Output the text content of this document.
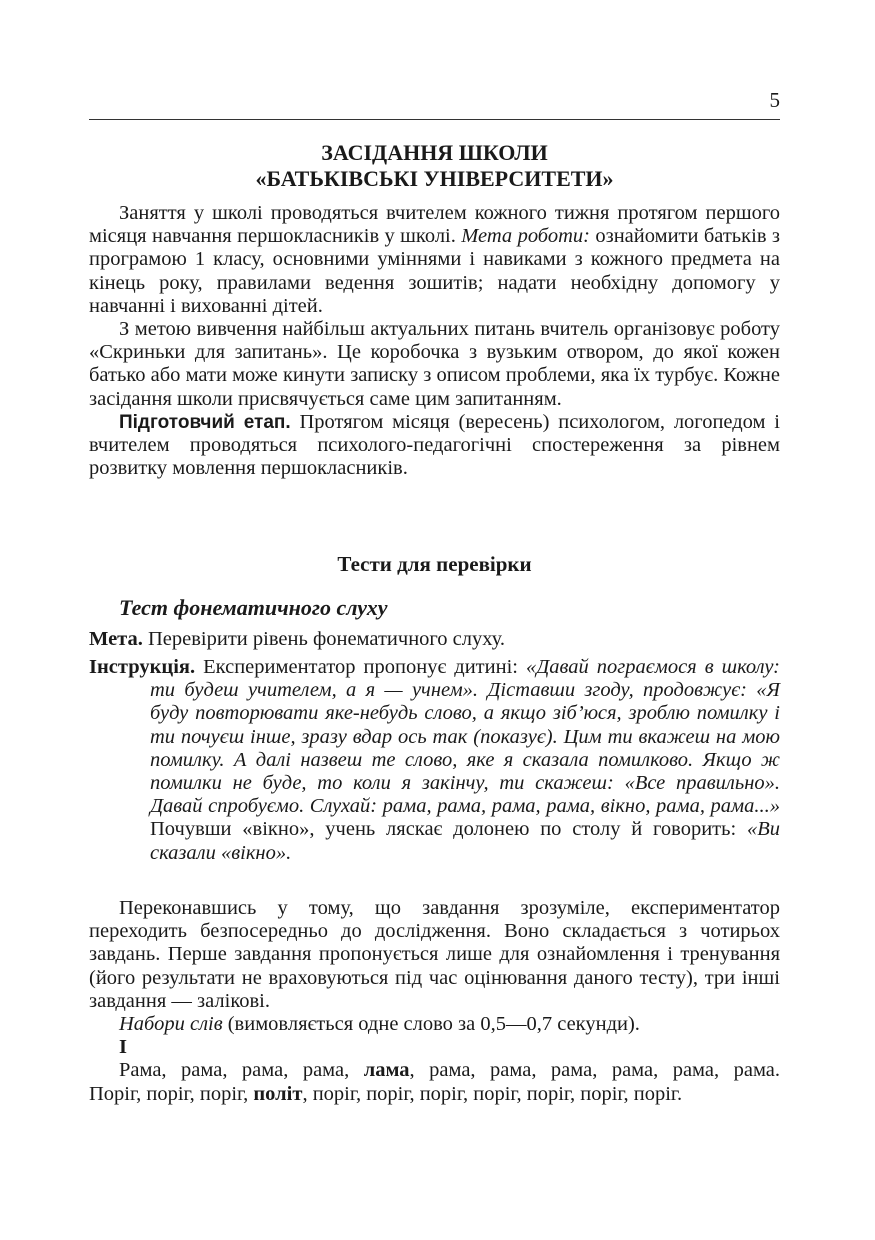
5

ЗАСІДАННЯ ШКОЛИ
«БАТЬКІВСЬКІ УНІВЕРСИТЕТИ»

Заняття у школі проводяться вчителем кожного тижня протягом першого місяця навчання першокласників у школі. Мета роботи: ознайомити батьків з програмою 1 класу, основними уміннями і навиками з кожного предмета на кінець року, правилами ведення зошитів; надати необхідну допомогу у навчанні і вихованні дітей.

З метою вивчення найбільш актуальних питань вчитель організовує роботу «Скриньки для запитань». Це коробочка з вузьким отвором, до якої кожен батько або мати може кинути записку з описом проблеми, яка їх турбує. Кожне засідання школи присвячується саме цим запитанням.

Підготовчий етап. Протягом місяця (вересень) психологом, логопедом і вчителем проводяться психолого-педагогічні спостереження за рівнем розвитку мовлення першокласників.

Тести для перевірки
Тест фонематичного слуху

Мета. Перевірити рівень фонематичного слуху.

Інструкція. Експериментатор пропонує дитині: «Давай пограємося в школу: ти будеш учителем, а я — учнем». Діставши згоду, продовжує: «Я буду повторювати яке-небудь слово, а якщо зіб’юся, зроблю помилку і ти почуєш інше, зразу вдар ось так (показує). Цим ти вкажеш на мою помилку. А далі назвеш те слово, яке я сказала помилково. Якщо ж помилки не буде, то коли я закінчу, ти скажеш: «Все правильно». Давай спробуємо. Слухай: рама, рама, рама, рама, вікно, рама, рама...» Почувши «вікно», учень ляскає долонею по столу й говорить: «Ви сказали «вікно».

Переконавшись у тому, що завдання зрозуміле, експериментатор переходить безпосередньо до дослідження. Воно складається з чотирьох завдань. Перше завдання пропонується лише для ознайомлення і тренування (його результати не враховуються під час оцінювання даного тесту), три інші завдання — залікові.

Набори слів (вимовляється одне слово за 0,5—0,7 секунди).

I

Рама, рама, рама, рама, лама, рама, рама, рама, рама, рама, рама.

Поріг, поріг, поріг, політ, поріг, поріг, поріг, поріг, поріг, поріг, поріг.
